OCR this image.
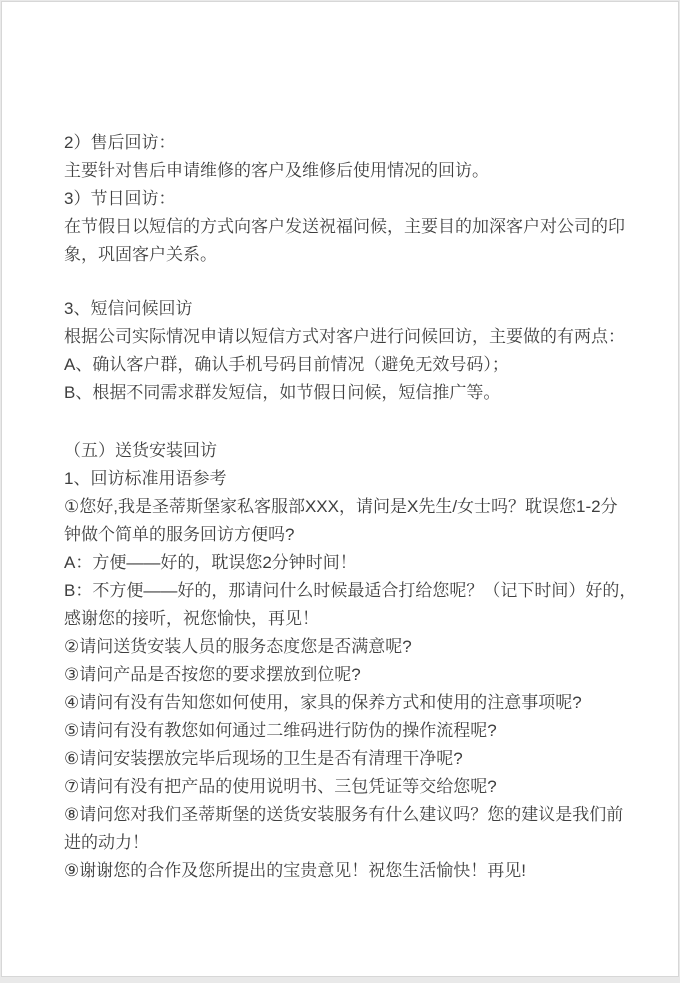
2）售后回访：
主要针对售后申请维修的客户及维修后使用情况的回访。
3）节日回访：
在节假日以短信的方式向客户发送祝福问候，主要目的加深客户对公司的印
象，巩固客户关系。
3、短信问候回访
根据公司实际情况申请以短信方式对客户进行问候回访，主要做的有两点：
A、确认客户群，确认手机号码目前情况（避免无效号码）；
B、根据不同需求群发短信，如节假日问候，短信推广等。
（五）送货安装回访
1、回访标准用语参考
①您好,我是圣蒂斯堡家私客服部XXX，请问是X先生/女士吗？耽误您1-2分
钟做个简单的服务回访方便吗?
A：方便——好的，耽误您2分钟时间！
B：不方便——好的，那请问什么时候最适合打给您呢？（记下时间）好的，
感谢您的接听，祝您愉快，再见！
②请问送货安装人员的服务态度您是否满意呢?
③请问产品是否按您的要求摆放到位呢?
④请问有没有告知您如何使用，家具的保养方式和使用的注意事项呢?
⑤请问有没有教您如何通过二维码进行防伪的操作流程呢?
⑥请问安装摆放完毕后现场的卫生是否有清理干净呢?
⑦请问有没有把产品的使用说明书、三包凭证等交给您呢?
⑧请问您对我们圣蒂斯堡的送货安装服务有什么建议吗？您的建议是我们前
进的动力！
⑨谢谢您的合作及您所提出的宝贵意见！祝您生活愉快！再见!
